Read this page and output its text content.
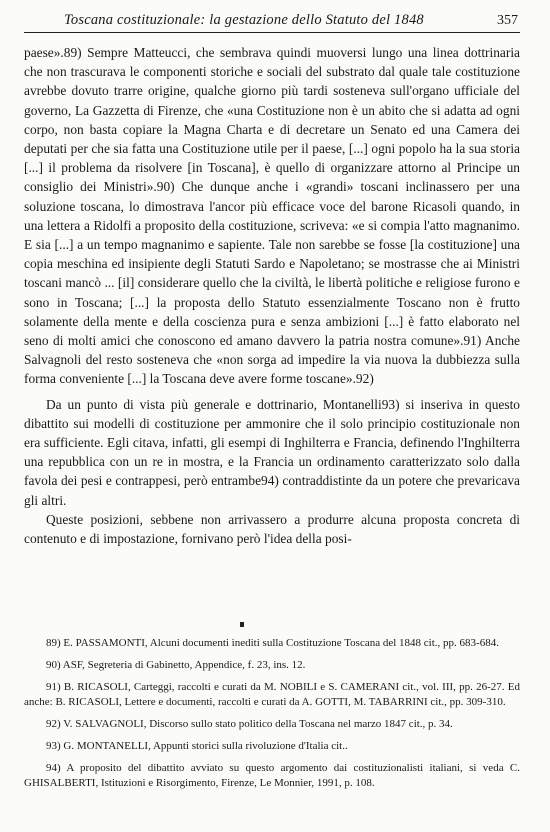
Toscana costituzionale: la gestazione dello Statuto del 1848	357

paese».89) Sempre Matteucci, che sembrava quindi muoversi lungo una linea dottrinaria che non trascurava le componenti storiche e sociali del substrato dal quale tale costituzione avrebbe dovuto trarre origine, qualche giorno più tardi sosteneva sull'organo ufficiale del governo, La Gazzetta di Firenze, che «una Costituzione non è un abito che si adatta ad ogni corpo, non basta copiare la Magna Charta e di decretare un Senato ed una Camera dei deputati per che sia fatta una Costituzione utile per il paese, [...] ogni popolo ha la sua storia [...] il problema da risolvere [in Toscana], è quello di organizzare attorno al Principe un consiglio dei Ministri».90) Che dunque anche i «grandi» toscani inclinassero per una soluzione toscana, lo dimostrava l'ancor più efficace voce del barone Ricasoli quando, in una lettera a Ridolfi a proposito della costituzione, scriveva: «e si compia l'atto magnanimo. E sia [...] a un tempo magnanimo e sapiente. Tale non sarebbe se fosse [la costituzione] una copia meschina ed insipiente degli Statuti Sardo e Napoletano; se mostrasse che ai Ministri toscani mancò ... [il] considerare quello che la civiltà, le libertà politiche e religiose furono e sono in Toscana; [...] la proposta dello Statuto essenzialmente Toscano non è frutto solamente della mente e della coscienza pura e senza ambizioni [...] è fatto elaborato nel seno di molti amici che conoscono ed amano davvero la patria nostra comune».91) Anche Salvagnoli del resto sosteneva che «non sorga ad impedire la via nuova la dubbiezza sulla forma conveniente [...] la Toscana deve avere forme toscane».92)

Da un punto di vista più generale e dottrinario, Montanelli93) si inseriva in questo dibattito sui modelli di costituzione per ammonire che il solo principio costituzionale non era sufficiente. Egli citava, infatti, gli esempi di Inghilterra e Francia, definendo l'Inghilterra una repubblica con un re in mostra, e la Francia un ordinamento caratterizzato solo dalla favola dei pesi e contrappesi, però entrambe94) contraddistinte da un potere che prevaricava gli altri.

Queste posizioni, sebbene non arrivassero a produrre alcuna proposta concreta di contenuto e di impostazione, fornivano però l'idea della posi-

89) E. PASSAMONTI, Alcuni documenti inediti sulla Costituzione Toscana del 1848 cit., pp. 683-684.

90) ASF, Segreteria di Gabinetto, Appendice, f. 23, ins. 12.

91) B. RICASOLI, Carteggi, raccolti e curati da M. NOBILI e S. CAMERANI cit., vol. III, pp. 26-27. Ed anche: B. RICASOLI, Lettere e documenti, raccolti e curati da A. GOTTI, M. TABARRINI cit., pp. 309-310.

92) V. SALVAGNOLI, Discorso sullo stato politico della Toscana nel marzo 1847 cit., p. 34.

93) G. MONTANELLI, Appunti storici sulla rivoluzione d'Italia cit..

94) A proposito del dibattito avviato su questo argomento dai costituzionalisti italiani, si veda C. GHISALBERTI, Istituzioni e Risorgimento, Firenze, Le Monnier, 1991, p. 108.
